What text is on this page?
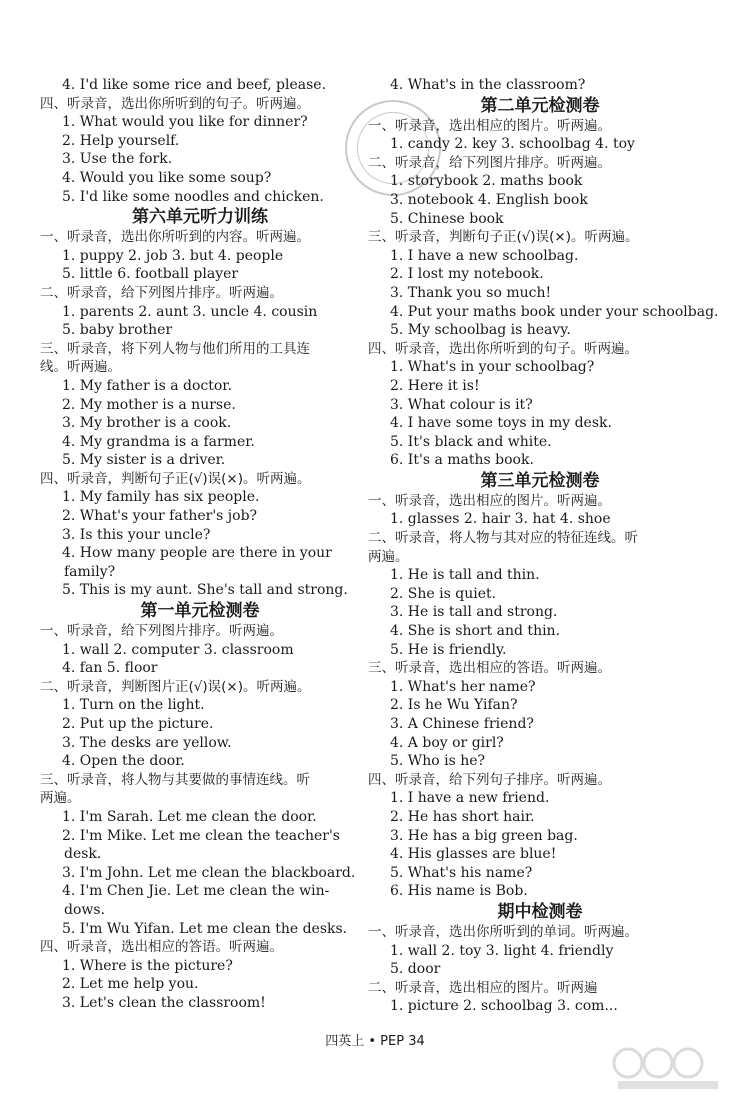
4. I'd like some rice and beef, please.
四、听录音，选出你所听到的句子。听两遍。
1. What would you like for dinner?
2. Help yourself.
3. Use the fork.
4. Would you like some soup?
5. I'd like some noodles and chicken.
第六单元听力训练
一、听录音，选出你所听到的内容。听两遍。
1. puppy 2. job 3. but 4. people
5. little 6. football player
二、听录音，给下列图片排序。听两遍。
1. parents 2. aunt 3. uncle 4. cousin
5. baby brother
三、听录音，将下列人物与他们所用的工具连
线。听两遍。
1. My father is a doctor.
2. My mother is a nurse.
3. My brother is a cook.
4. My grandma is a farmer.
5. My sister is a driver.
四、听录音，判断句子正(√)误(×)。听两遍。
1. My family has six people.
2. What's your father's job?
3. Is this your uncle?
4. How many people are there in your
family?
5. This is my aunt. She's tall and strong.
第一单元检测卷
一、听录音，给下列图片排序。听两遍。
1. wall 2. computer 3. classroom
4. fan 5. floor
二、听录音，判断图片正(√)误(×)。听两遍。
1. Turn on the light.
2. Put up the picture.
3. The desks are yellow.
4. Open the door.
三、听录音，将人物与其要做的事情连线。听
两遍。
1. I'm Sarah. Let me clean the door.
2. I'm Mike. Let me clean the teacher's
desk.
3. I'm John. Let me clean the blackboard.
4. I'm Chen Jie. Let me clean the win-
dows.
5. I'm Wu Yifan. Let me clean the desks.
四、听录音，选出相应的答语。听两遍。
1. Where is the picture?
2. Let me help you.
3. Let's clean the classroom!
4. What's in the classroom?
第二单元检测卷
一、听录音，选出相应的图片。听两遍。
1. candy 2. key 3. schoolbag 4. toy
二、听录音，给下列图片排序。听两遍。
1. storybook 2. maths book
3. notebook 4. English book
5. Chinese book
三、听录音，判断句子正(√)误(×)。听两遍。
1. I have a new schoolbag.
2. I lost my notebook.
3. Thank you so much!
4. Put your maths book under your schoolbag.
5. My schoolbag is heavy.
四、听录音，选出你所听到的句子。听两遍。
1. What's in your schoolbag?
2. Here it is!
3. What colour is it?
4. I have some toys in my desk.
5. It's black and white.
6. It's a maths book.
第三单元检测卷
一、听录音，选出相应的图片。听两遍。
1. glasses 2. hair 3. hat 4. shoe
二、听录音，将人物与其对应的特征连线。听
两遍。
1. He is tall and thin.
2. She is quiet.
3. He is tall and strong.
4. She is short and thin.
5. He is friendly.
三、听录音，选出相应的答语。听两遍。
1. What's her name?
2. Is he Wu Yifan?
3. A Chinese friend?
4. A boy or girl?
5. Who is he?
四、听录音，给下列句子排序。听两遍。
1. I have a new friend.
2. He has short hair.
3. He has a big green bag.
4. His glasses are blue!
5. What's his name?
6. His name is Bob.
期中检测卷
一、听录音，选出你所听到的单词。听两遍。
1. wall 2. toy 3. light 4. friendly
5. door
二、听录音，选出相应的图片。听两遍
1. picture 2. schoolbag 3. com...
四英上 • PEP 34
